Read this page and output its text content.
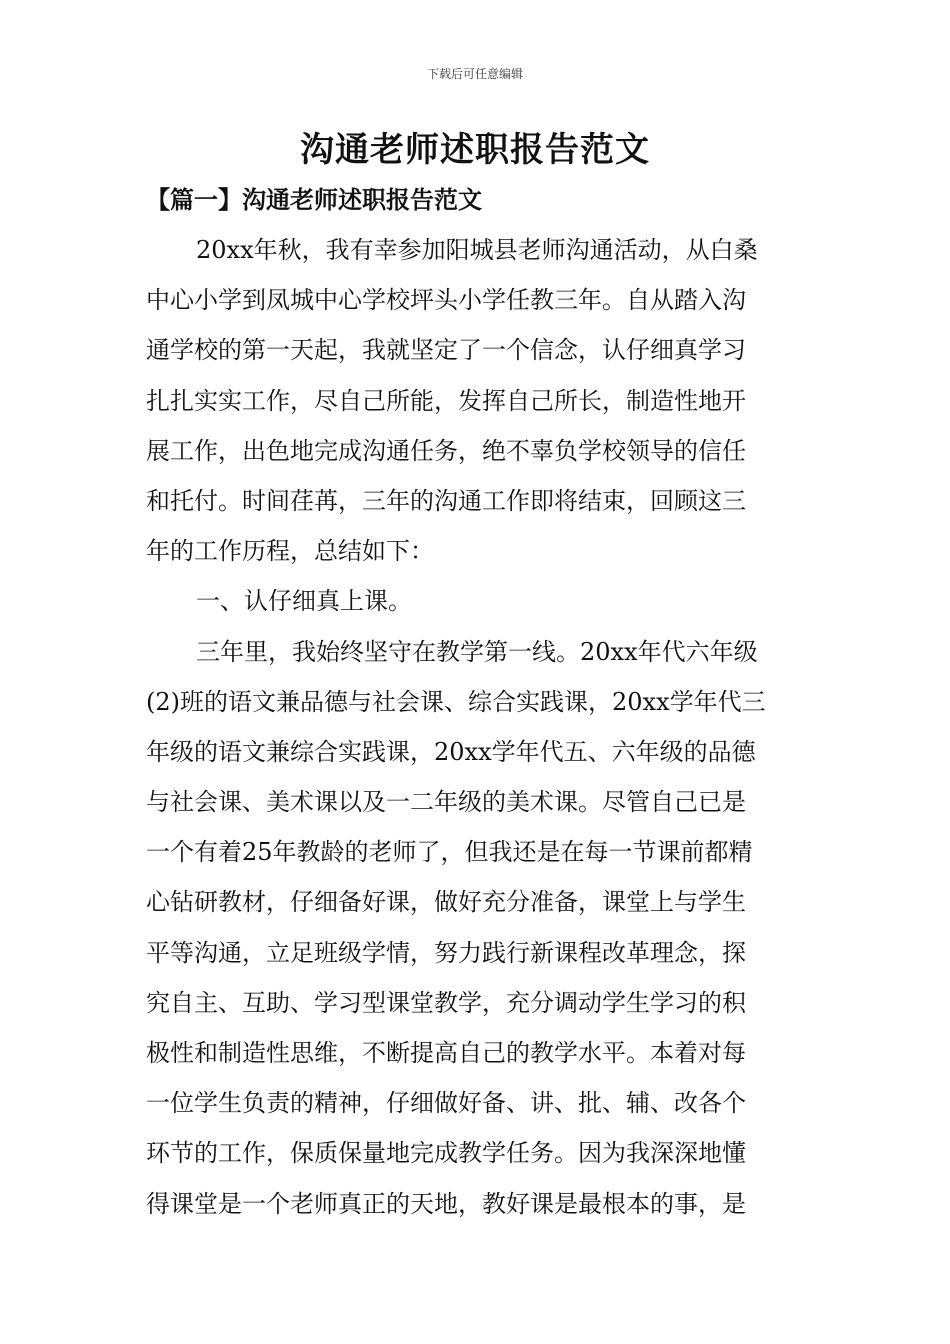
下载后可任意编辑
沟通老师述职报告范文
【篇一】沟通老师述职报告范文
20xx年秋，我有幸参加阳城县老师沟通活动，从白桑
中心小学到凤城中心学校坪头小学任教三年。自从踏入沟
通学校的第一天起，我就坚定了一个信念，认仔细真学习
扎扎实实工作，尽自己所能，发挥自己所长，制造性地开
展工作，出色地完成沟通任务，绝不辜负学校领导的信任
和托付。时间荏苒，三年的沟通工作即将结束，回顾这三
年的工作历程，总结如下：
一、认仔细真上课。
三年里，我始终坚守在教学第一线。20xx年代六年级
(2)班的语文兼品德与社会课、综合实践课，20xx学年代三
年级的语文兼综合实践课，20xx学年代五、六年级的品德
与社会课、美术课以及一二年级的美术课。尽管自己已是
一个有着25年教龄的老师了，但我还是在每一节课前都精
心钻研教材，仔细备好课，做好充分准备，课堂上与学生
平等沟通，立足班级学情，努力践行新课程改革理念，探
究自主、互助、学习型课堂教学，充分调动学生学习的积
极性和制造性思维，不断提高自己的教学水平。本着对每
一位学生负责的精神，仔细做好备、讲、批、辅、改各个
环节的工作，保质保量地完成教学任务。因为我深深地懂
得课堂是一个老师真正的天地，教好课是最根本的事，是
